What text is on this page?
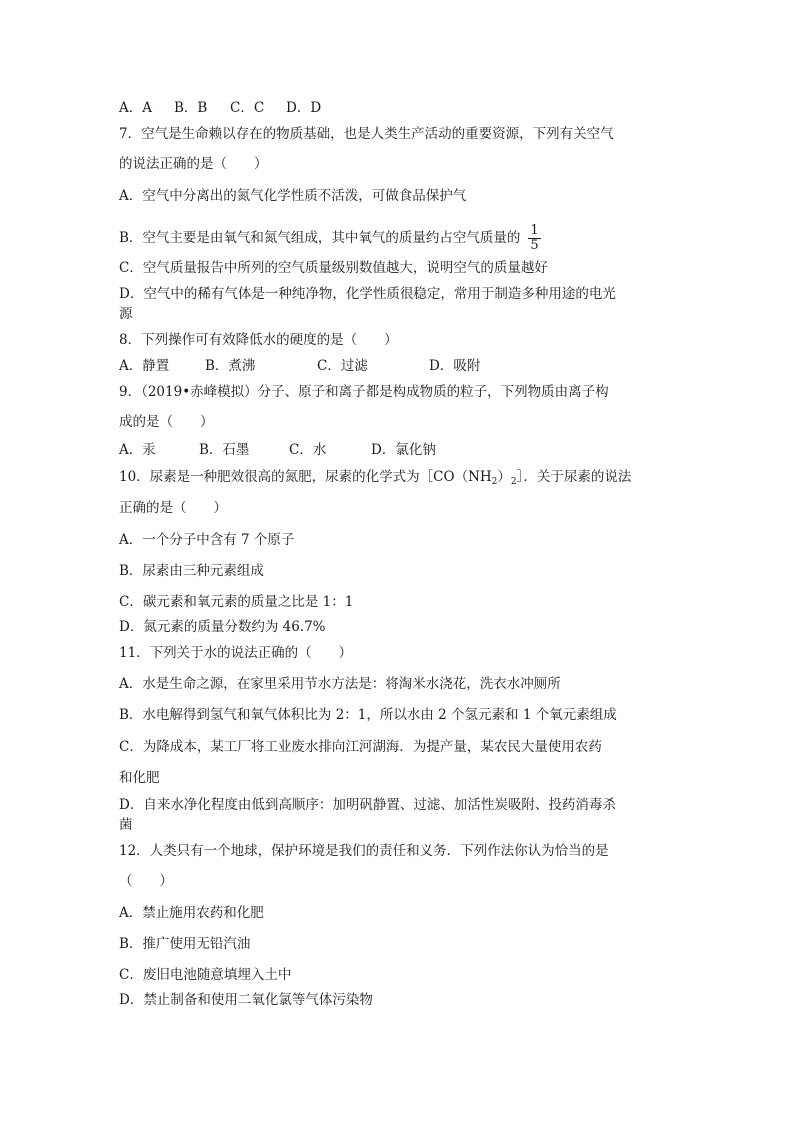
A．A B．B C．C D．D
7．空气是生命赖以存在的物质基础，也是人类生产活动的重要资源，下列有关空气
的说法正确的是（　　）
A．空气中分离出的氮气化学性质不活泼，可做食品保护气
B．空气主要是由氧气和氮气组成，其中氧气的质量约占空气质量的 $\frac{1}{5}$
C．空气质量报告中所列的空气质量级别数值越大，说明空气的质量越好
D．空气中的稀有气体是一种纯净物，化学性质很稳定，常用于制造多种用途的电光
源
8．下列操作可有效降低水的硬度的是（　　）
A．静置	B．煮沸	C．过滤	D．吸附
9．（2019•赤峰模拟）分子、原子和离子都是构成物质的粒子，下列物质由离子构
成的是（　　）
A．汞	B．石墨	C．水	D．氯化钠
10．尿素是一种肥效很高的氮肥，尿素的化学式为$[CO(NH_2)_2]$．关于尿素的说法
正确的是（　　）
A．一个分子中含有 7 个原子
B．尿素由三种元素组成
C．碳元素和氧元素的质量之比是 1：1
D．氮元素的质量分数约为 46.7%
11．下列关于水的说法正确的（　　）
A．水是生命之源，在家里采用节水方法是：将淘米水浇花，洗衣水冲厕所
B．水电解得到氢气和氧气体积比为 2：1，所以水由 2 个氢元素和 1 个氧元素组成
C．为降成本，某工厂将工业废水排向江河湖海．为提产量，某农民大量使用农药
和化肥
D．自来水净化程度由低到高顺序：加明矾静置、过滤、加活性炭吸附、投药消毒杀
菌
12．人类只有一个地球，保护环境是我们的责任和义务．下列作法你认为恰当的是
（　　）
A．禁止施用农药和化肥
B．推广使用无铅汽油
C．废旧电池随意填埋入土中
D．禁止制备和使用二氧化氯等气体污染物
